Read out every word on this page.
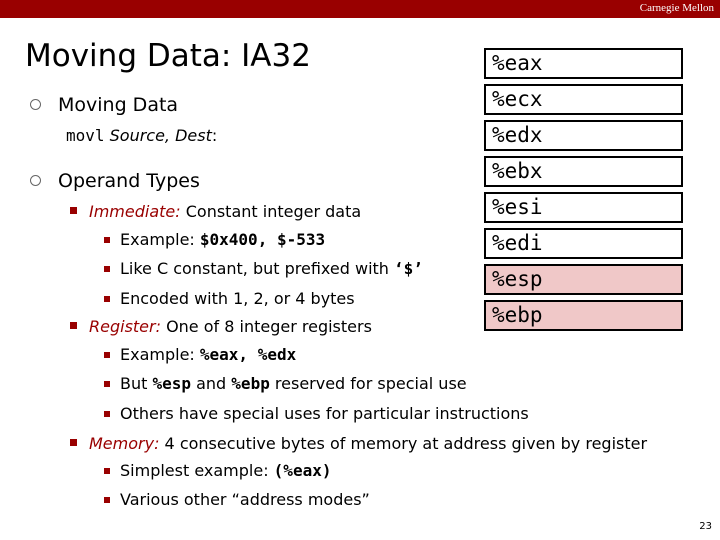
Carnegie Mellon
Moving Data: IA32
Moving Data
movl Source, Dest:
Operand Types
Immediate: Constant integer data
Example: $0x400, $-533
Like C constant, but prefixed with ‘$’
Encoded with 1, 2, or 4 bytes
Register: One of 8 integer registers
Example: %eax, %edx
But %esp and %ebp reserved for special use
Others have special uses for particular instructions
Memory: 4 consecutive bytes of memory at address given by register
Simplest example: (%eax)
Various other “address modes”
%eax
%ecx
%edx
%ebx
%esi
%edi
%esp
%ebp
23
